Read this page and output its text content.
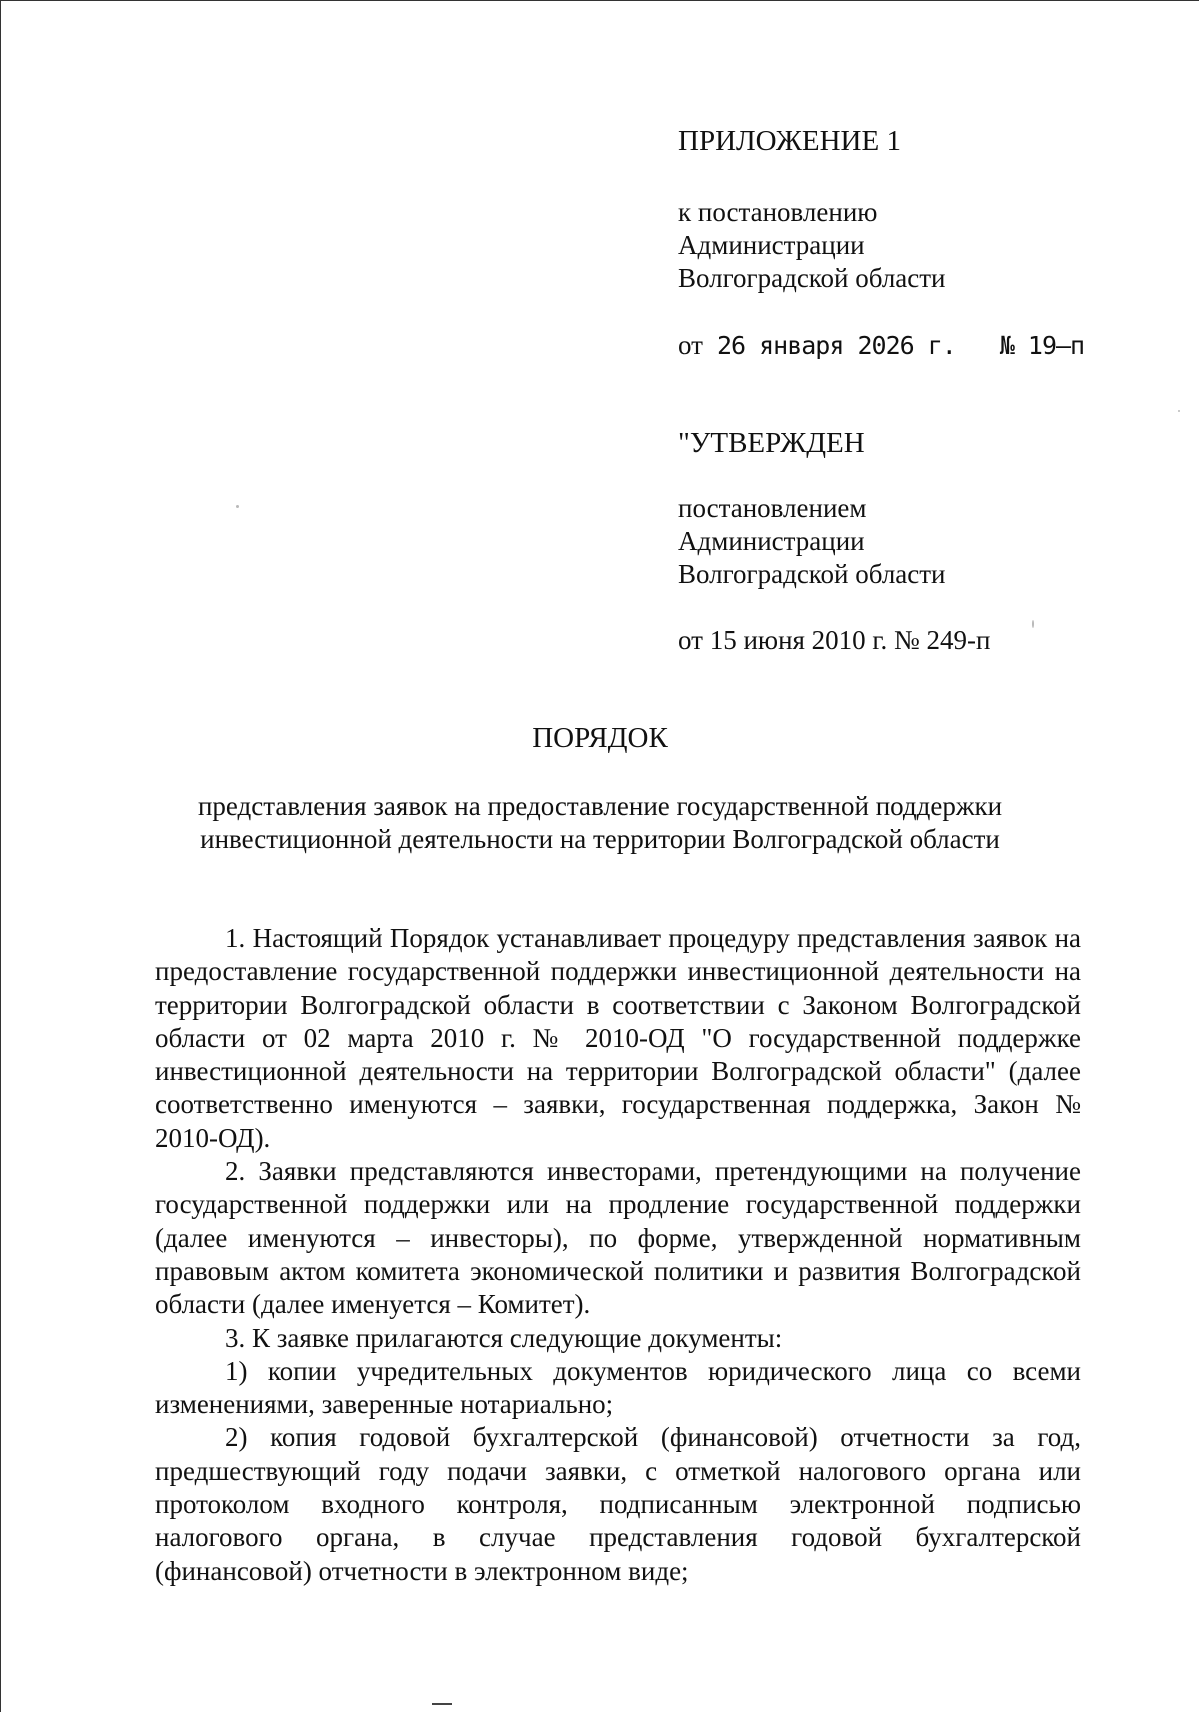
ПРИЛОЖЕНИЕ 1
к постановлению
Администрации
Волгоградской области
от 26 января 2026 г. № 19–п
"УТВЕРЖДЕН
постановлением
Администрации
Волгоградской области
от 15 июня 2010 г. № 249-п
ПОРЯДОК
представления заявок на предоставление государственной поддержки
инвестиционной деятельности на территории Волгоградской области

1. Настоящий Порядок устанавливает процедуру представления заявок на предоставление государственной поддержки инвестиционной деятельности на территории Волгоградской области в соответствии с Законом Волгоградской области от 02 марта 2010 г. № 2010-ОД "О государственной поддержке инвестиционной деятельности на территории Волгоградской области" (далее соответственно именуются – заявки, государственная поддержка, Закон № 2010-ОД).

2. Заявки представляются инвесторами, претендующими на получение государственной поддержки или на продление государственной поддержки (далее именуются – инвесторы), по форме, утвержденной нормативным правовым актом комитета экономической политики и развития Волгоградской области (далее именуется – Комитет).

3. К заявке прилагаются следующие документы:

1) копии учредительных документов юридического лица со всеми изменениями, заверенные нотариально;

2) копия годовой бухгалтерской (финансовой) отчетности за год, предшествующий году подачи заявки, с отметкой налогового органа или протоколом входного контроля, подписанным электронной подписью налогового органа, в случае представления годовой бухгалтерской (финансовой) отчетности в электронном виде;
